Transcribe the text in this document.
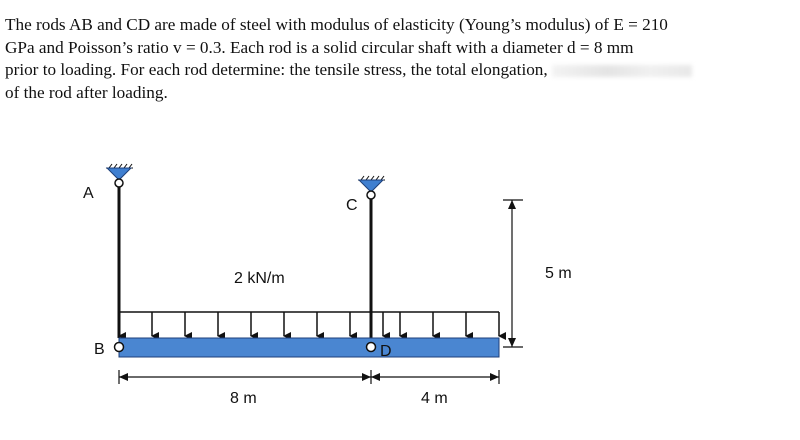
The rods AB and CD are made of steel with modulus of elasticity (Young’s modulus) of E = 210
GPa and Poisson’s ratio v = 0.3. Each rod is a solid circular shaft with a diameter d = 8 mm
prior to loading. For each rod determine: the tensile stress, the total elongation,
of the rod after loading.
A
B
C
D
2 kN/m	5 m
8 m	4 m
